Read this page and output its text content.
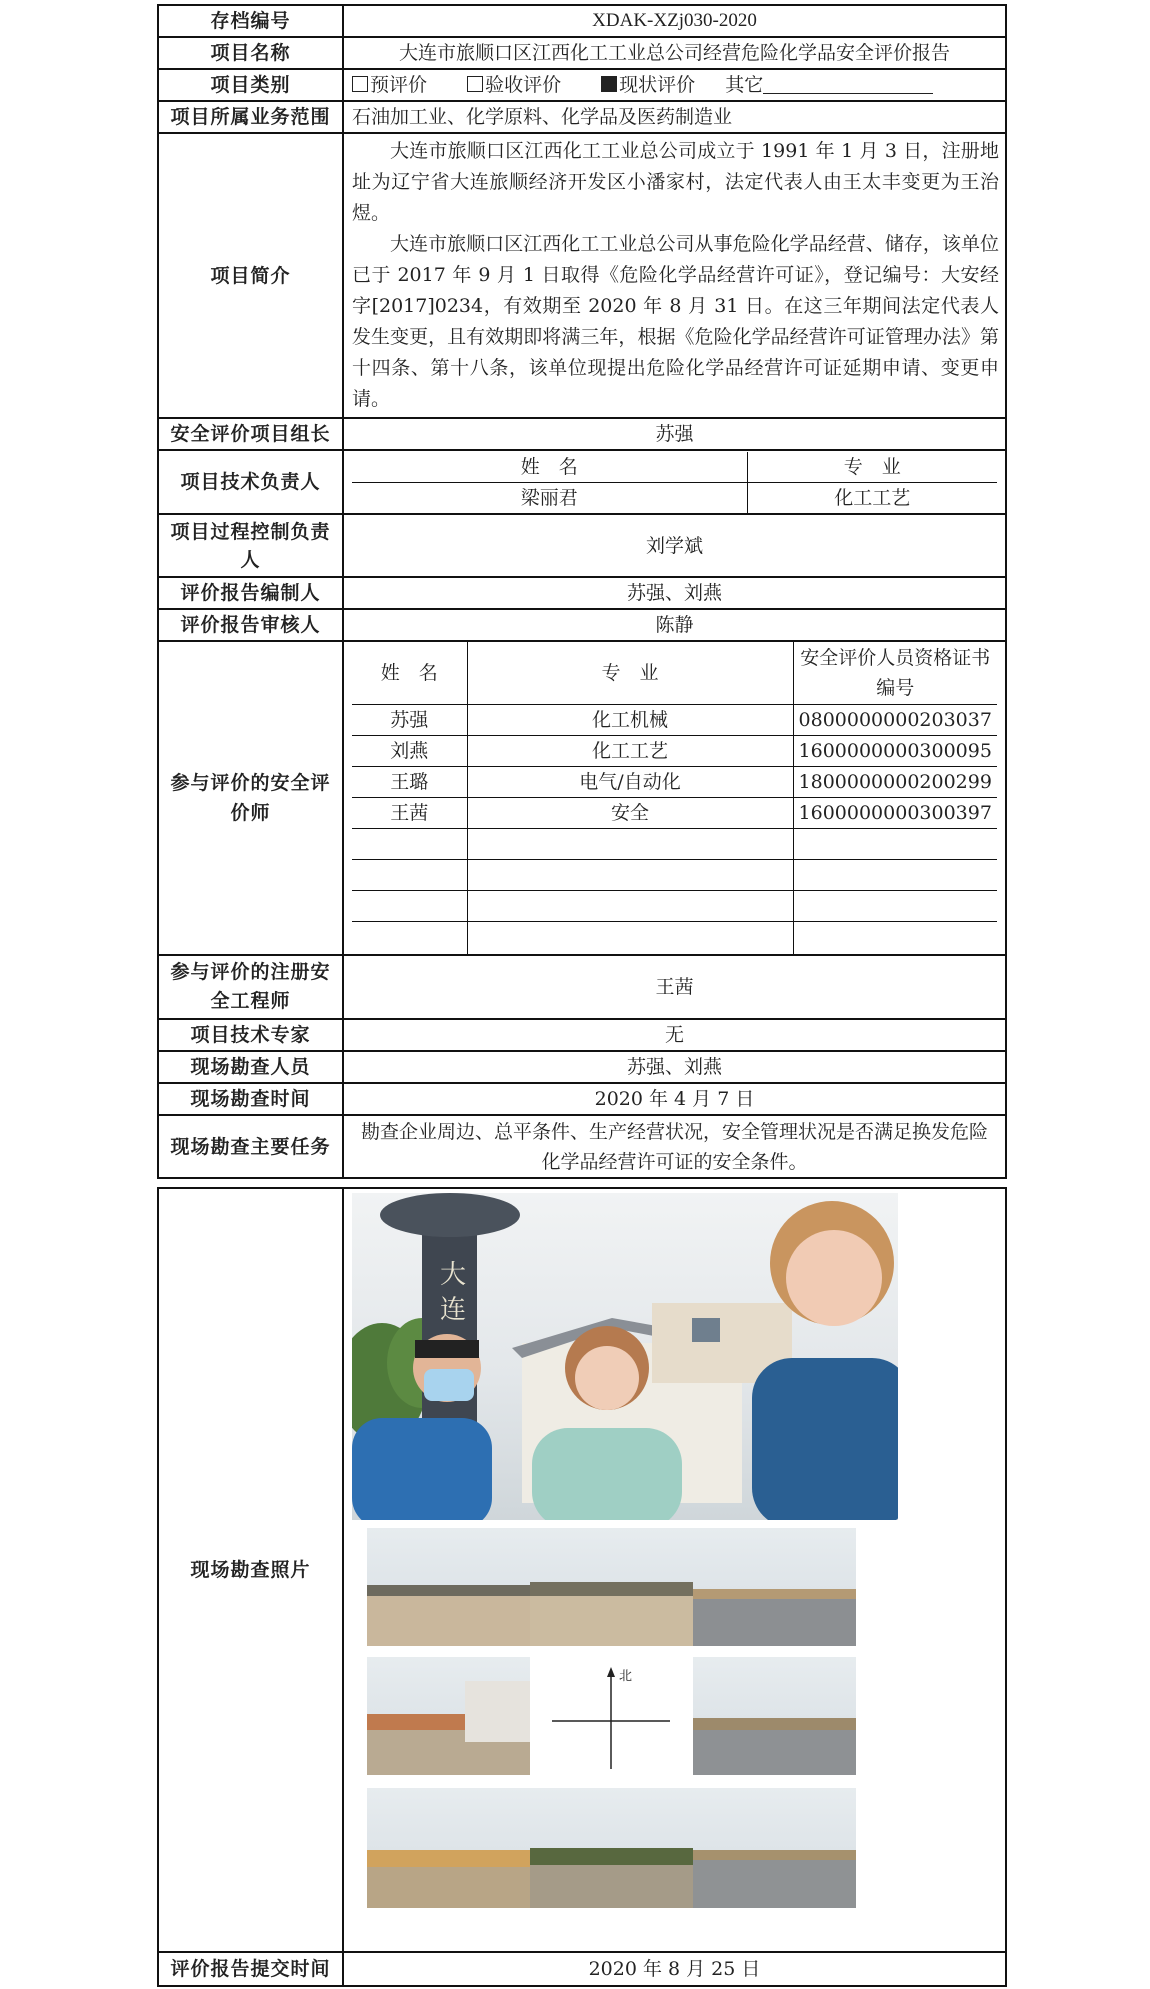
存档编号	XDAK-XZj030-2020
项目名称	大连市旅顺口区江西化工工业总公司经营危险化学品安全评价报告
项目类别	预评价	验收评价	现状评价 其它
项目所属业务范围	石油加工业、化学原料、化学品及医药制造业
项目简介	

大连市旅顺口区江西化工工业总公司成立于 1991 年 1 月 3 日，注册地址为辽宁省大连旅顺经济开发区小潘家村，法定代表人由王太丰变更为王治煜。

大连市旅顺口区江西化工工业总公司从事危险化学品经营、储存，该单位已于 2017 年 9 月 1 日取得《危险化学品经营许可证》，登记编号：大安经字[2017]0234，有效期至 2020 年 8 月 31 日。在这三年期间法定代表人发生变更，且有效期即将满三年，根据《危险化学品经营许可证管理办法》第十四条、第十八条，该单位现提出危险化学品经营许可证延期申请、变更申请。

安全评价项目组长	苏强
项目技术负责人	
姓　名	专　业
梁丽君	化工工艺

项目过程控制负责人	刘学斌
评价报告编制人	苏强、刘燕
评价报告审核人	陈静
参与评价的安全评价师	
姓　名	专　业	安全评价人员资格证书编号
苏强	化工机械	0800000000203037
刘燕	化工工艺	1600000000300095
王璐	电气/自动化	1800000000200299
王茜	安全	1600000000300397

参与评价的注册安全工程师	王茜
项目技术专家	无
现场勘查人员	苏强、刘燕
现场勘查时间	2020 年 4 月 7 日
现场勘查主要任务	勘查企业周边、总平条件、生产经营状况，安全管理状况是否满足换发危险化学品经营许可证的安全条件。
现场勘查照片	
评价报告提交时间	2020 年 8 月 25 日
大
连
北
